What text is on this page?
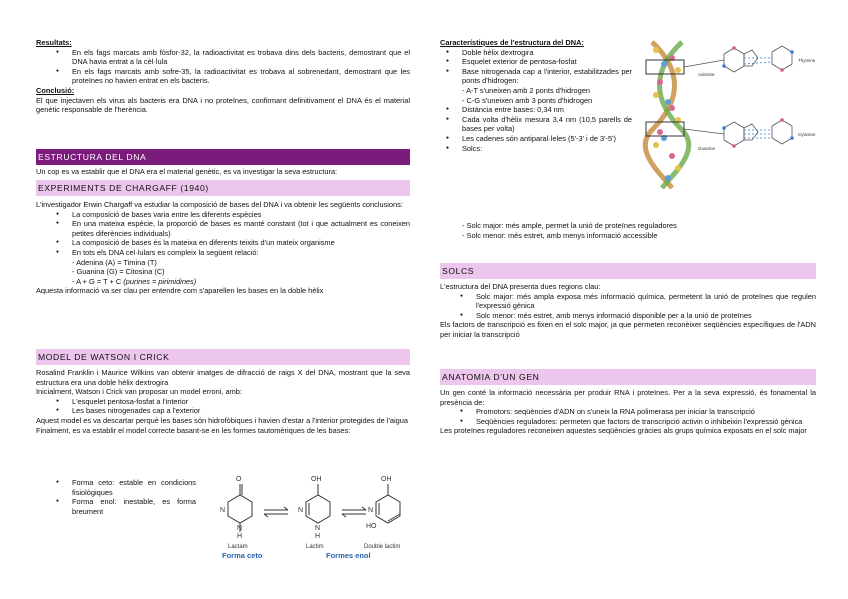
Resultats:

● En els fags marcats amb fòsfor-32, la radioactivitat es trobava dins dels bacteris, demostrant que el DNA havia entrat a la cèl·lula
● En els fags marcats amb sofre-35, la radioactivitat es trobava al sobrenedant, demostrant que les proteïnes no havien entrat en els bacteris.

Conclusió:

El que injectaven els virus als bacteris era DNA i no proteïnes, confirmant definitivament el DNA és el material genètic responsable de l'herència.

ESTRUCTURA DEL DNA

Un cop es va establir que el DNA era el material genètic, es va investigar la seva estructura:

EXPERIMENTS DE CHARGAFF (1940)

L'investigador Erwin Chargaff va estudiar la composició de bases del DNA i va obtenir les següents conclusions:

● La composició de bases varia entre les diferents espècies
● En una mateixa espècie, la proporció de bases es manté constant (tot i que actualment es coneixen petites diferències individuals)
● La composició de bases és la mateixa en diferents teixits d'un mateix organisme
● En tots els DNA cel·lulars es compleix la següent relació:
- Adenina (A) = Timina (T)
- Guanina (G) = Citosina (C)
- A + G = T + C (purines = pirimidines)

Aquesta informació va ser clau per entendre com s'aparellen les bases en la doble hèlix

MODEL DE WATSON I CRICK

Rosalind Franklin i Maurice Wilkins van obtenir imatges de difracció de raigs X del DNA, mostrant que la seva estructura era una doble hèlix dextrogira

Inicialment, Watson i Crick van proposar un model erroni, amb:

● L'esquelet pentosa-fosfat a l'interior
● Les bases nitrogenades cap a l'exterior

Aquest model es va descartar perquè les bases són hidrofòbiques i havien d'estar a l'interior protegides de l'aigua

Finalment, es va establir el model correcte basant-se en les formes tautomèriques de les bases:

● Forma ceto: estable en condicions fisiològiques
● Forma enol: inestable, es forma breument
O
N
N
H
OH
N
N
H
OH
N
HO
Lactam	Lactim	Double lactim
Forma ceto	Formes enol

Característiques de l'estructura del DNA:

● Doble hèlix dextrogira
● Esquelet exterior de pentosa-fosfat
● Base nitrogenada cap a l'interior, estabilitzades per ponts d'hidrogen:
- A-T s'uneixen amb 2 ponts d'hidrogen
- C-G s'uneixen amb 3 ponts d'hidrogen
● Distància entre bases: 0,34 nm
● Cada volta d'hèlix mesura 3,4 nm (10,5 parells de bases per volta)
● Les cadenes són antiparal·leles (5'-3' i de 3'-5')
● Solcs:

- Solc major: més ample, permet la unió de proteïnes reguladores

- Solc menor: més estret, amb menys informació accessible

Adenine
Thymine
Guanine
Cytosine
SOLCS

L'estructura del DNA presenta dues regions clau:

● Solc major: més ampla exposa més informació química, permetent la unió de proteïnes que regulen l'expressió gènica
● Solc menor: més estret, amb menys informació disponible per a la unió de proteïnes

Els factors de transcripció es fixen en el solc major, ja que permeten reconèixer seqüències específiques de l'ADN per iniciar la transcripció

ANATOMIA D'UN GEN

Un gen conté la informació necessària per produir RNA i proteïnes. Per a la seva expressió, és fonamental la presència de:

● Promotors: seqüències d'ADN on s'uneix la RNA polimerasa per iniciar la transcripció
● Seqüències reguladores: permeten que factors de transcripció activin o inhibeixin l'expressió gènica

Les proteïnes reguladores reconeixen aquestes seqüències gràcies als grups química exposats en el solc major
